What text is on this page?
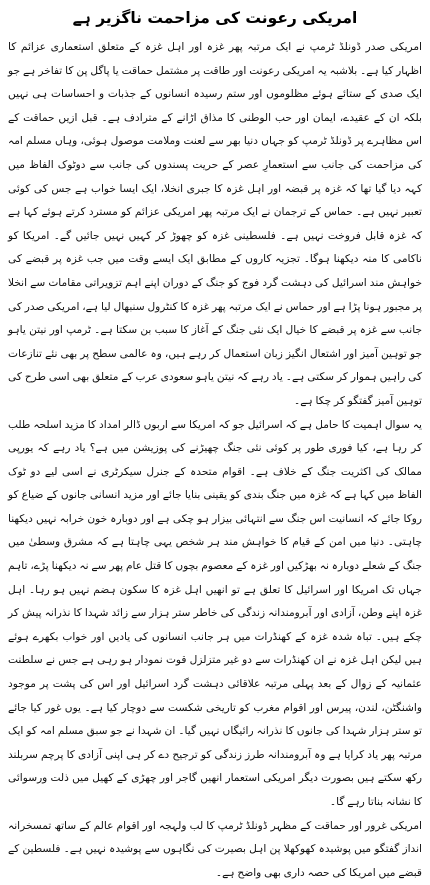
امریکی رعونت کی مزاحمت ناگزیر ہے

امریکی صدر ڈونلڈ ٹرمپ نے ایک مرتبہ پھر غزہ اور اہل غزہ کے متعلق استعماری عزائم کا اظہار کیا ہے۔ بلاشبہ یہ امریکی رعونت اور طاقت پر مشتمل حماقت یا پاگل پن کا تفاخر ہے جو ایک صدی کے ستائے ہوئے مظلوموں اور ستم رسیدہ انسانوں کے جذبات و احساسات ہی نہیں بلکہ ان کے عقیدے، ایمان اور حب الوطنی کا مذاق اڑانے کے مترادف ہے۔ قبل ازیں حماقت کے اس مظاہرے پر ڈونلڈ ٹرمپ کو جہاں دنیا بھر سے لعنت وملامت موصول ہوئی، وہاں مسلم امہ کی مزاحمت کی جانب سے استعمارِ عصر کے حریت پسندوں کی جانب سے دوٹوک الفاظ میں کہہ دیا گیا تھا کہ غزہ پر قبضہ اور اہل غزہ کا جبری انخلا، ایک ایسا خواب ہے جس کی کوئی تعبیر نہیں ہے۔ حماس کے ترجمان نے ایک مرتبہ پھر امریکی عزائم کو مسترد کرتے ہوئے کہا ہے کہ غزہ قابل فروخت نہیں ہے۔ فلسطینی غزہ کو چھوڑ کر کہیں نہیں جائیں گے۔ امریکا کو ناکامی کا منہ دیکھنا ہوگا۔ تجزیہ کاروں کے مطابق ایک ایسے وقت میں جب غزہ پر قبضے کی خواہش مند اسرائیل کی دہشت گرد فوج کو جنگ کے دوران اپنے اہم تزویراتی مقامات سے انخلا پر مجبور ہونا پڑا ہے اور حماس نے ایک مرتبہ پھر غزہ کا کنٹرول سنبھال لیا ہے، امریکی صدر کی جانب سے غزہ پر قبضے کا خیال ایک نئی جنگ کے آغاز کا سبب بن سکتا ہے۔ ٹرمپ اور نیتن یاہو جو توہین آمیز اور اشتعال انگیز زبان استعمال کر رہے ہیں، وہ عالمی سطح پر بھی نئے تنازعات کی راہیں ہموار کر سکتی ہے۔ یاد رہے کہ نیتن یاہو سعودی عرب کے متعلق بھی اسی طرح کی توہین آمیز گفتگو کر چکا ہے۔

یہ سوال اہمیت کا حامل ہے کہ اسرائیل جو کہ امریکا سے اربوں ڈالر امداد کا مزید اسلحہ طلب کر رہا ہے، کیا فوری طور پر کوئی نئی جنگ چھیڑنے کی پوزیشن میں ہے؟ یاد رہے کہ یورپی ممالک کی اکثریت جنگ کے خلاف ہے۔ اقوام متحدہ کے جنرل سیکرٹری نے اسی لیے دو ٹوک الفاظ میں کہا ہے کہ غزہ میں جنگ بندی کو یقینی بنایا جائے اور مزید انسانی جانوں کے ضیاع کو روکا جائے کہ انسانیت اس جنگ سے انتہائی بیزار ہو چکی ہے اور دوبارہ خون خرابہ نہیں دیکھنا چاہتی۔ دنیا میں امن کے قیام کا خواہش مند ہر شخص یہی چاہتا ہے کہ مشرق وسطیٰ میں جنگ کے شعلے دوبارہ نہ بھڑکیں اور غزہ کے معصوم بچوں کا قتل عام پھر سے نہ دیکھنا پڑے، تاہم جہاں تک امریکا اور اسرائیل کا تعلق ہے تو انھیں اہل غزہ کا سکون ہضم نہیں ہو رہا۔ اہل غزہ اپنے وطن، آزادی اور آبرومندانہ زندگی کی خاطر ستر ہزار سے زائد شہدا کا نذرانہ پیش کر چکے ہیں۔ تباہ شدہ غزہ کے کھنڈرات میں ہر جانب انسانوں کی یادیں اور خواب بکھرے ہوئے ہیں لیکن اہل غزہ نے ان کھنڈرات سے دو غیر متزلزل قوت نمودار ہو رہی ہے جس نے سلطنت عثمانیہ کے زوال کے بعد پہلی مرتبہ علاقائی دہشت گرد اسرائیل اور اس کی پشت پر موجود واشنگٹن، لندن، پیرس اور اقوام مغرب کو تاریخی شکست سے دوچار کیا ہے۔ یوں غور کیا جائے تو ستر ہزار شہدا کی جانوں کا نذرانہ رائیگاں نہیں گیا۔ ان شہدا نے جو سبق مسلم امہ کو ایک مرتبہ پھر یاد کرایا ہے وہ آبرومندانہ طرز زندگی کو ترجیح دے کر ہی اپنی آزادی کا پرچم سربلند رکھ سکتے ہیں بصورت دیگر امریکی استعمار انھیں گاجر اور چھڑی کے کھیل میں ذلت ورسوائی کا نشانہ بناتا رہے گا۔

امریکی غرور اور حماقت کے مظہر ڈونلڈ ٹرمپ کا لب ولہجہ اور اقوام عالم کے ساتھ تمسخرانہ انداز گفتگو میں پوشیدہ کھوکھلا پن اہل بصیرت کی نگاہوں سے پوشیدہ نہیں ہے۔ فلسطین کے قبضے میں امریکا کی حصہ داری بھی واضح ہے۔
